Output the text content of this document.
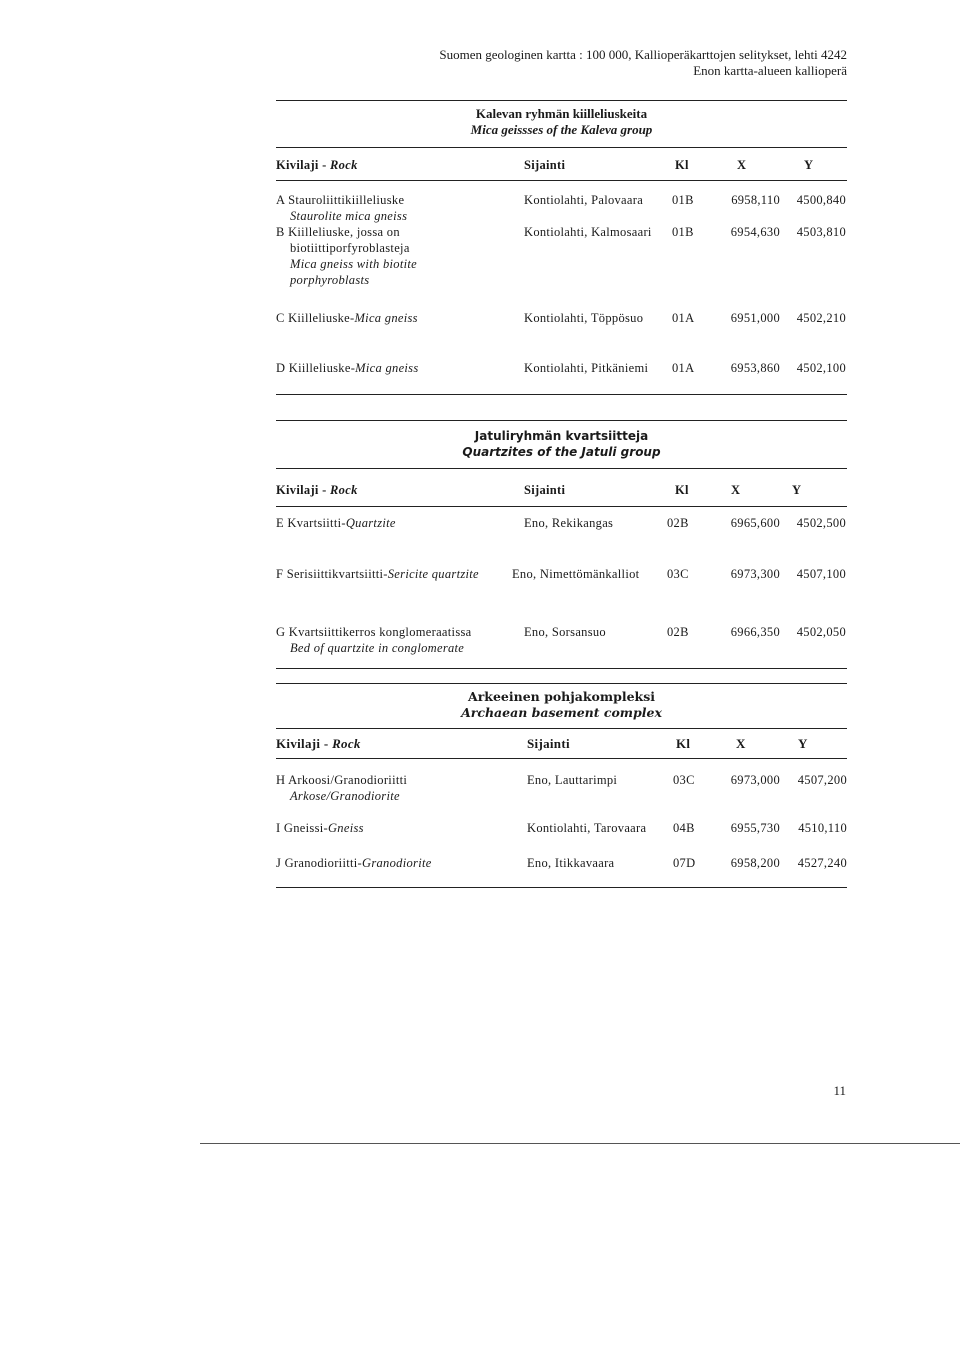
Suomen geologinen kartta : 100 000, Kallioperäkarttojen selitykset, lehti 4242
Enon kartta-alueen kallioperä
Kalevan ryhmän kiilleliuskeita
Mica geissses of the Kaleva group
Kivilaji - Rock	Sijainti	Kl	X	Y
A Stauroliittikiilleliuske
Staurolite mica gneiss
Kontiolahti, Palovaara 01B	6958,110	4500,840
B Kiilleliuske, jossa on
biotiittiporfyroblasteja
Mica gneiss with biotite
porphyroblasts
Kontiolahti, Kalmosaari 01B	6954,630	4503,810
C Kiilleliuske-Mica gneiss	Kontiolahti, Töppösuo 01A	6951,000	4502,210
D Kiilleliuske-Mica gneiss	Kontiolahti, Pitkäniemi 01A	6953,860	4502,100
Jatuliryhmän kvartsiitteja
Quartzites of the Jatuli group
Kivilaji - Rock	Sijainti	Kl	X	Y
E Kvartsiitti-Quartzite	Eno, Rekikangas	02B	6965,600	4502,500
F Serisiittikvartsiitti-Sericite quartzite	Eno, Nimettömänkalliot 03C	6973,300	4507,100
G Kvartsiittikerros konglomeraatissa
Bed of quartzite in conglomerate
Eno, Sorsansuo	02B	6966,350	4502,050
Arkeeinen pohjakompleksi
Archaean basement complex
Kivilaji - Rock	Sijainti	Kl	X	Y
H Arkoosi/Granodioriitti
Arkose/Granodiorite
Eno, Lauttarimpi	03C	6973,000	4507,200
I Gneissi-Gneiss	Kontiolahti, Tarovaara 04B	6955,730	4510,110
J Granodioriitti-Granodiorite	Eno, Itikkavaara	07D	6958,200	4527,240
11
